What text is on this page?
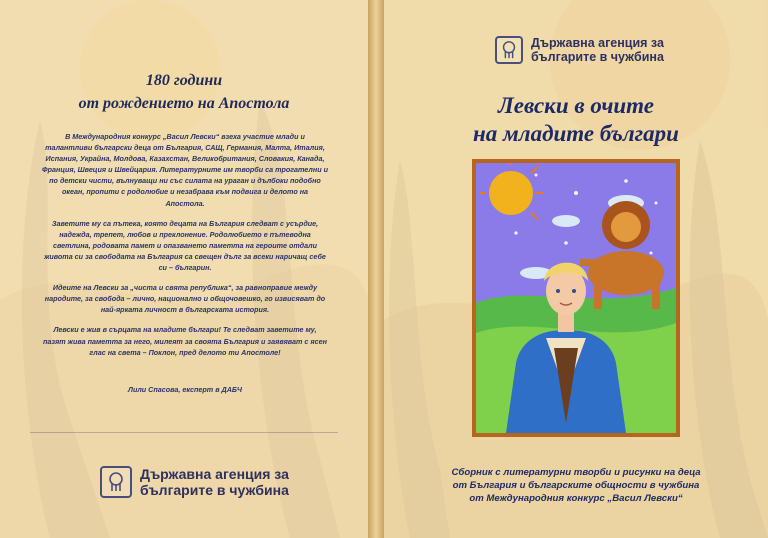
180 години
от рождението на Апостола

В Международния конкурс „Васил Левски“ взеха участие млади и талантливи български деца от България, САЩ, Германия, Малта, Италия, Испания, Украйна, Молдова, Казахстан, Великобритания, Словакия, Канада, Франция, Швеция и Швейцария. Литературните им творби са трогателни и по детски чисти, вълнуващи ни със силата на ураган и дълбоки подобно океан, пропити с родолюбие и незабрава към подвига и делото на Апостола.

Заветите му са пътека, която децата на България следват с усърдие, надежда, трепет, любов и преклонение. Родолюбието е пътеводна светлина, родовата памет и опазването паметта на героите отдали живота си за свободата на България са свещен дълг за всеки наричащ себе си – българин.

Идеите на Левски за „чиста и свята република“, за равноправие между народите, за свобода – лично, национално и общочовешко, го извисяват до най-ярката личност в българската история.

Левски е жив в сърцата на младите българи! Те следват заветите му, пазят жива паметта за него, милеят за своята България и заявяват с ясен глас на света – Поклон, пред делото ти Апостоле!

Лили Спасова, експерт в ДАБЧ
Държавна агенция за
българите в чужбина
Левски в очите
на младите българи
Държавна агенция за
българите в чужбина
Сборник с литературни творби и рисунки на деца
от България и българските общности в чужбина
от Международния конкурс „Васил Левски“
